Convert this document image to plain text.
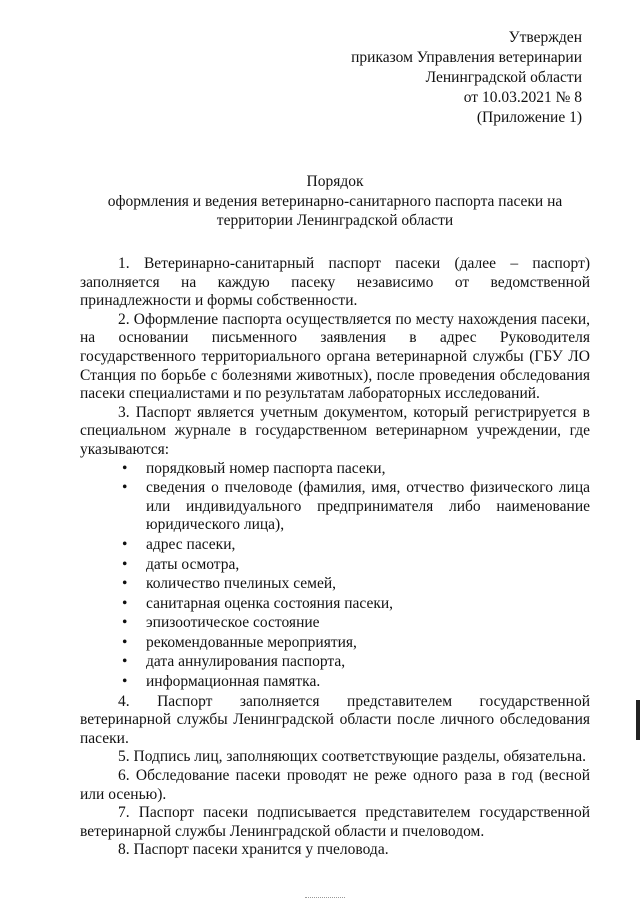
Утвержден
приказом Управления ветеринарии
Ленинградской области
от 10.03.2021 № 8
(Приложение 1)
Порядок
оформления и ведения ветеринарно-санитарного паспорта пасеки на
территории Ленинградской области

1. Ветеринарно-санитарный паспорт пасеки (далее – паспорт) заполняется на каждую пасеку независимо от ведомственной принадлежности и формы собственности.

2. Оформление паспорта осуществляется по месту нахождения пасеки, на основании письменного заявления в адрес Руководителя государственного территориального органа ветеринарной службы (ГБУ ЛО Станция по борьбе с болезнями животных), после проведения обследования пасеки специалистами и по результатам лабораторных исследований.

3. Паспорт является учетным документом, который регистрируется в специальном журнале в государственном ветеринарном учреждении, где указываются:

• порядковый номер паспорта пасеки,
• сведения о пчеловоде (фамилия, имя, отчество физического лица или индивидуального предпринимателя либо наименование юридического лица),
• адрес пасеки,
• даты осмотра,
• количество пчелиных семей,
• санитарная оценка состояния пасеки,
• эпизоотическое состояние
• рекомендованные мероприятия,
• дата аннулирования паспорта,
• информационная памятка.

4. Паспорт заполняется представителем государственной ветеринарной службы Ленинградской области после личного обследования пасеки.

5. Подпись лиц, заполняющих соответствующие разделы, обязательна.

6. Обследование пасеки проводят не реже одного раза в год (весной или осенью).

7. Паспорт пасеки подписывается представителем государственной ветеринарной службы Ленинградской области и пчеловодом.

8. Паспорт пасеки хранится у пчеловода.
